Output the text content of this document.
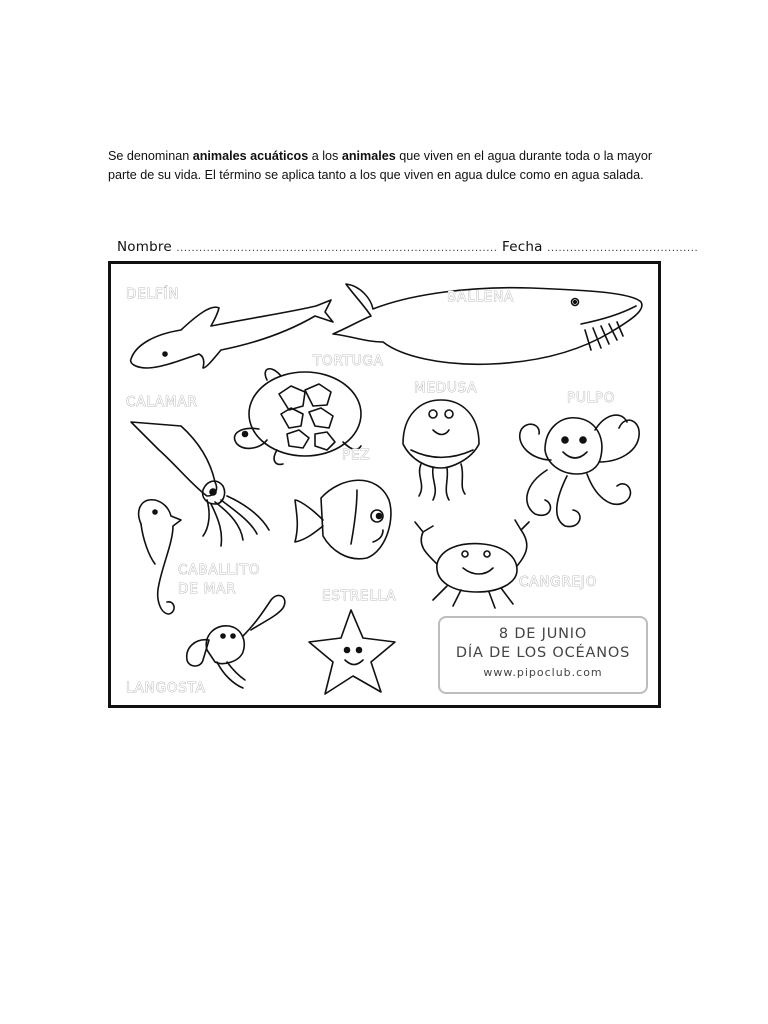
Se denominan animales acuáticos a los animales que viven en el agua durante toda o la mayor parte de su vida. El término se aplica tanto a los que viven en agua dulce como en agua salada.

Nombre ..................................................................................... Fecha ........................................
DELFÍN	BALLENA
TORTUGA
CALAMAR
MEDUSA
PULPO
PEZ
CABALLITO
DE MAR	CANGREJO
ESTRELLA
LANGOSTA
8 DE JUNIO
DÍA DE LOS OCÉANOS
www.pipoclub.com
